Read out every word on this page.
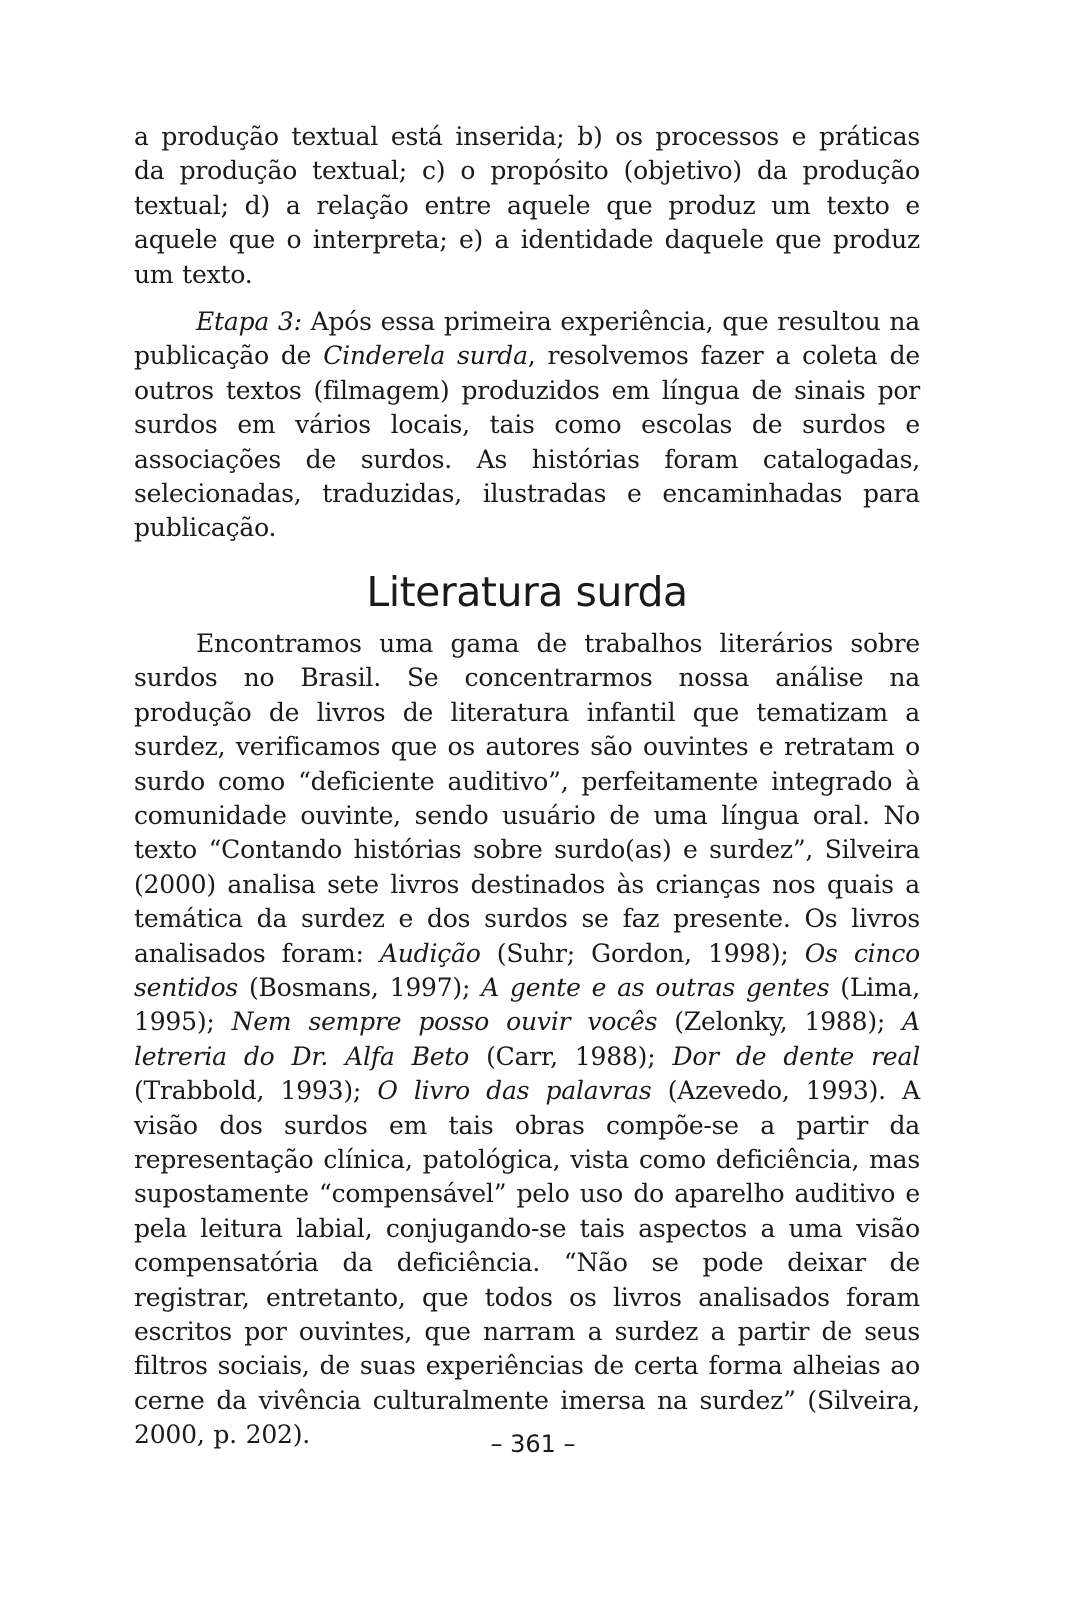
a produção textual está inserida; b) os processos e práticas da produção textual; c) o propósito (objetivo) da produção textual; d) a relação entre aquele que produz um texto e aquele que o interpreta; e) a identidade daquele que produz um texto.

Etapa 3: Após essa primeira experiência, que resultou na publicação de Cinderela surda, resolvemos fazer a coleta de outros textos (filmagem) produzidos em língua de sinais por surdos em vários locais, tais como escolas de surdos e associações de surdos. As histórias foram catalogadas, selecionadas, traduzidas, ilustradas e encaminhadas para publicação.

Literatura surda

Encontramos uma gama de trabalhos literários sobre surdos no Brasil. Se concentrarmos nossa análise na produção de livros de literatura infantil que tematizam a surdez, verificamos que os autores são ouvintes e retratam o surdo como “deficiente auditivo”, perfeitamente integrado à comunidade ouvinte, sendo usuário de uma língua oral. No texto “Contando histórias sobre surdo(as) e surdez”, Silveira (2000) analisa sete livros destinados às crianças nos quais a temática da surdez e dos surdos se faz presente. Os livros analisados foram: Audição (Suhr; Gordon, 1998); Os cinco sentidos (Bosmans, 1997); A gente e as outras gentes (Lima, 1995); Nem sempre posso ouvir vocês (Zelonky, 1988); A letreria do Dr. Alfa Beto (Carr, 1988); Dor de dente real (Trabbold, 1993); O livro das palavras (Azevedo, 1993). A visão dos surdos em tais obras compõe-se a partir da representação clínica, patológica, vista como deficiência, mas supostamente “compensável” pelo uso do aparelho auditivo e pela leitura labial, conjugando-se tais aspectos a uma visão compensatória da deficiência. “Não se pode deixar de registrar, entretanto, que todos os livros analisados foram escritos por ouvintes, que narram a surdez a partir de seus filtros sociais, de suas experiências de certa forma alheias ao cerne da vivência culturalmente imersa na surdez” (Silveira, 2000, p. 202).	– 361 –
